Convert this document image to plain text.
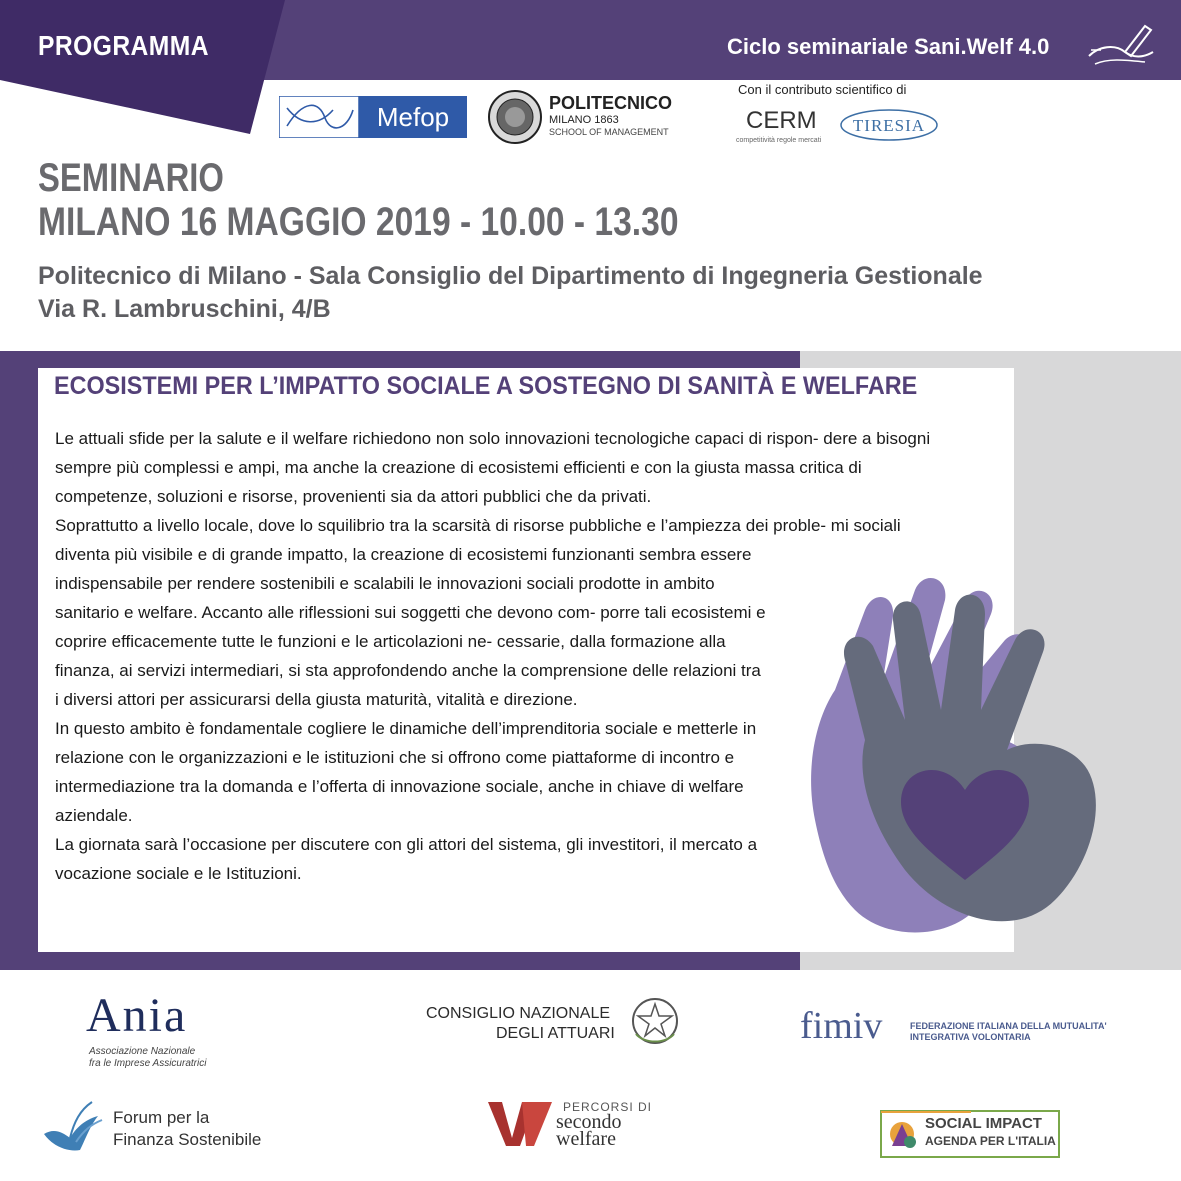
PROGRAMMA	Ciclo seminariale Sani.Welf 4.0
Mefop	POLITECNICO
MILANO 1863
SCHOOL OF MANAGEMENT
Con il contributo scientifico di
CERM
competitività regole mercati
TIRESIA
SEMINARIO
MILANO 16 MAGGIO 2019 - 10.00 - 13.30
Politecnico di Milano - Sala Consiglio del Dipartimento di Ingegneria Gestionale
Via R. Lambruschini, 4/B
ECOSISTEMI PER L’IMPATTO SOCIALE A SOSTEGNO DI SANITÀ E WELFARE

Le attuali sfide per la salute e il welfare richiedono non solo innovazioni tecnologiche capaci di rispon- dere a bisogni sempre più complessi e ampi, ma anche la creazione di ecosistemi efficienti e con la giusta massa critica di competenze, soluzioni e risorse, provenienti sia da attori pubblici che da privati.

Soprattutto a livello locale, dove lo squilibrio tra la scarsità di risorse pubbliche e l’ampiezza dei proble- mi sociali diventa più visibile e di grande impatto, la creazione di ecosistemi funzionanti sembra essere

indispensabile per rendere sostenibili e scalabili le innovazioni sociali prodotte in ambito sanitario e welfare. Accanto alle riflessioni sui soggetti che devono com- porre tali ecosistemi e coprire efficacemente tutte le funzioni e le articolazioni ne- cessarie, dalla formazione alla finanza, ai servizi intermediari, si sta approfondendo anche la comprensione delle relazioni tra i diversi attori per assicurarsi della giusta maturità, vitalità e direzione.

In questo ambito è fondamentale cogliere le dinamiche dell’imprenditoria sociale e metterle in relazione con le organizzazioni e le istituzioni che si offrono come piattaforme di incontro e intermediazione tra la domanda e l’offerta di innovazione sociale, anche in chiave di welfare aziendale.

La giornata sarà l’occasione per discutere con gli attori del sistema, gli investitori, il mercato a vocazione sociale e le Istituzioni.

Ania
Associazione Nazionale
fra le Imprese Assicuratrici
CONSIGLIO NAZIONALE
DEGLI ATTUARI	fimiv	FEDERAZIONE ITALIANA DELLA MUTUALITA'
INTEGRATIVA VOLONTARIA
Forum per la
Finanza Sostenibile
PERCORSI DI
secondo
welfare
SOCIAL IMPACT
AGENDA PER L'ITALIA
